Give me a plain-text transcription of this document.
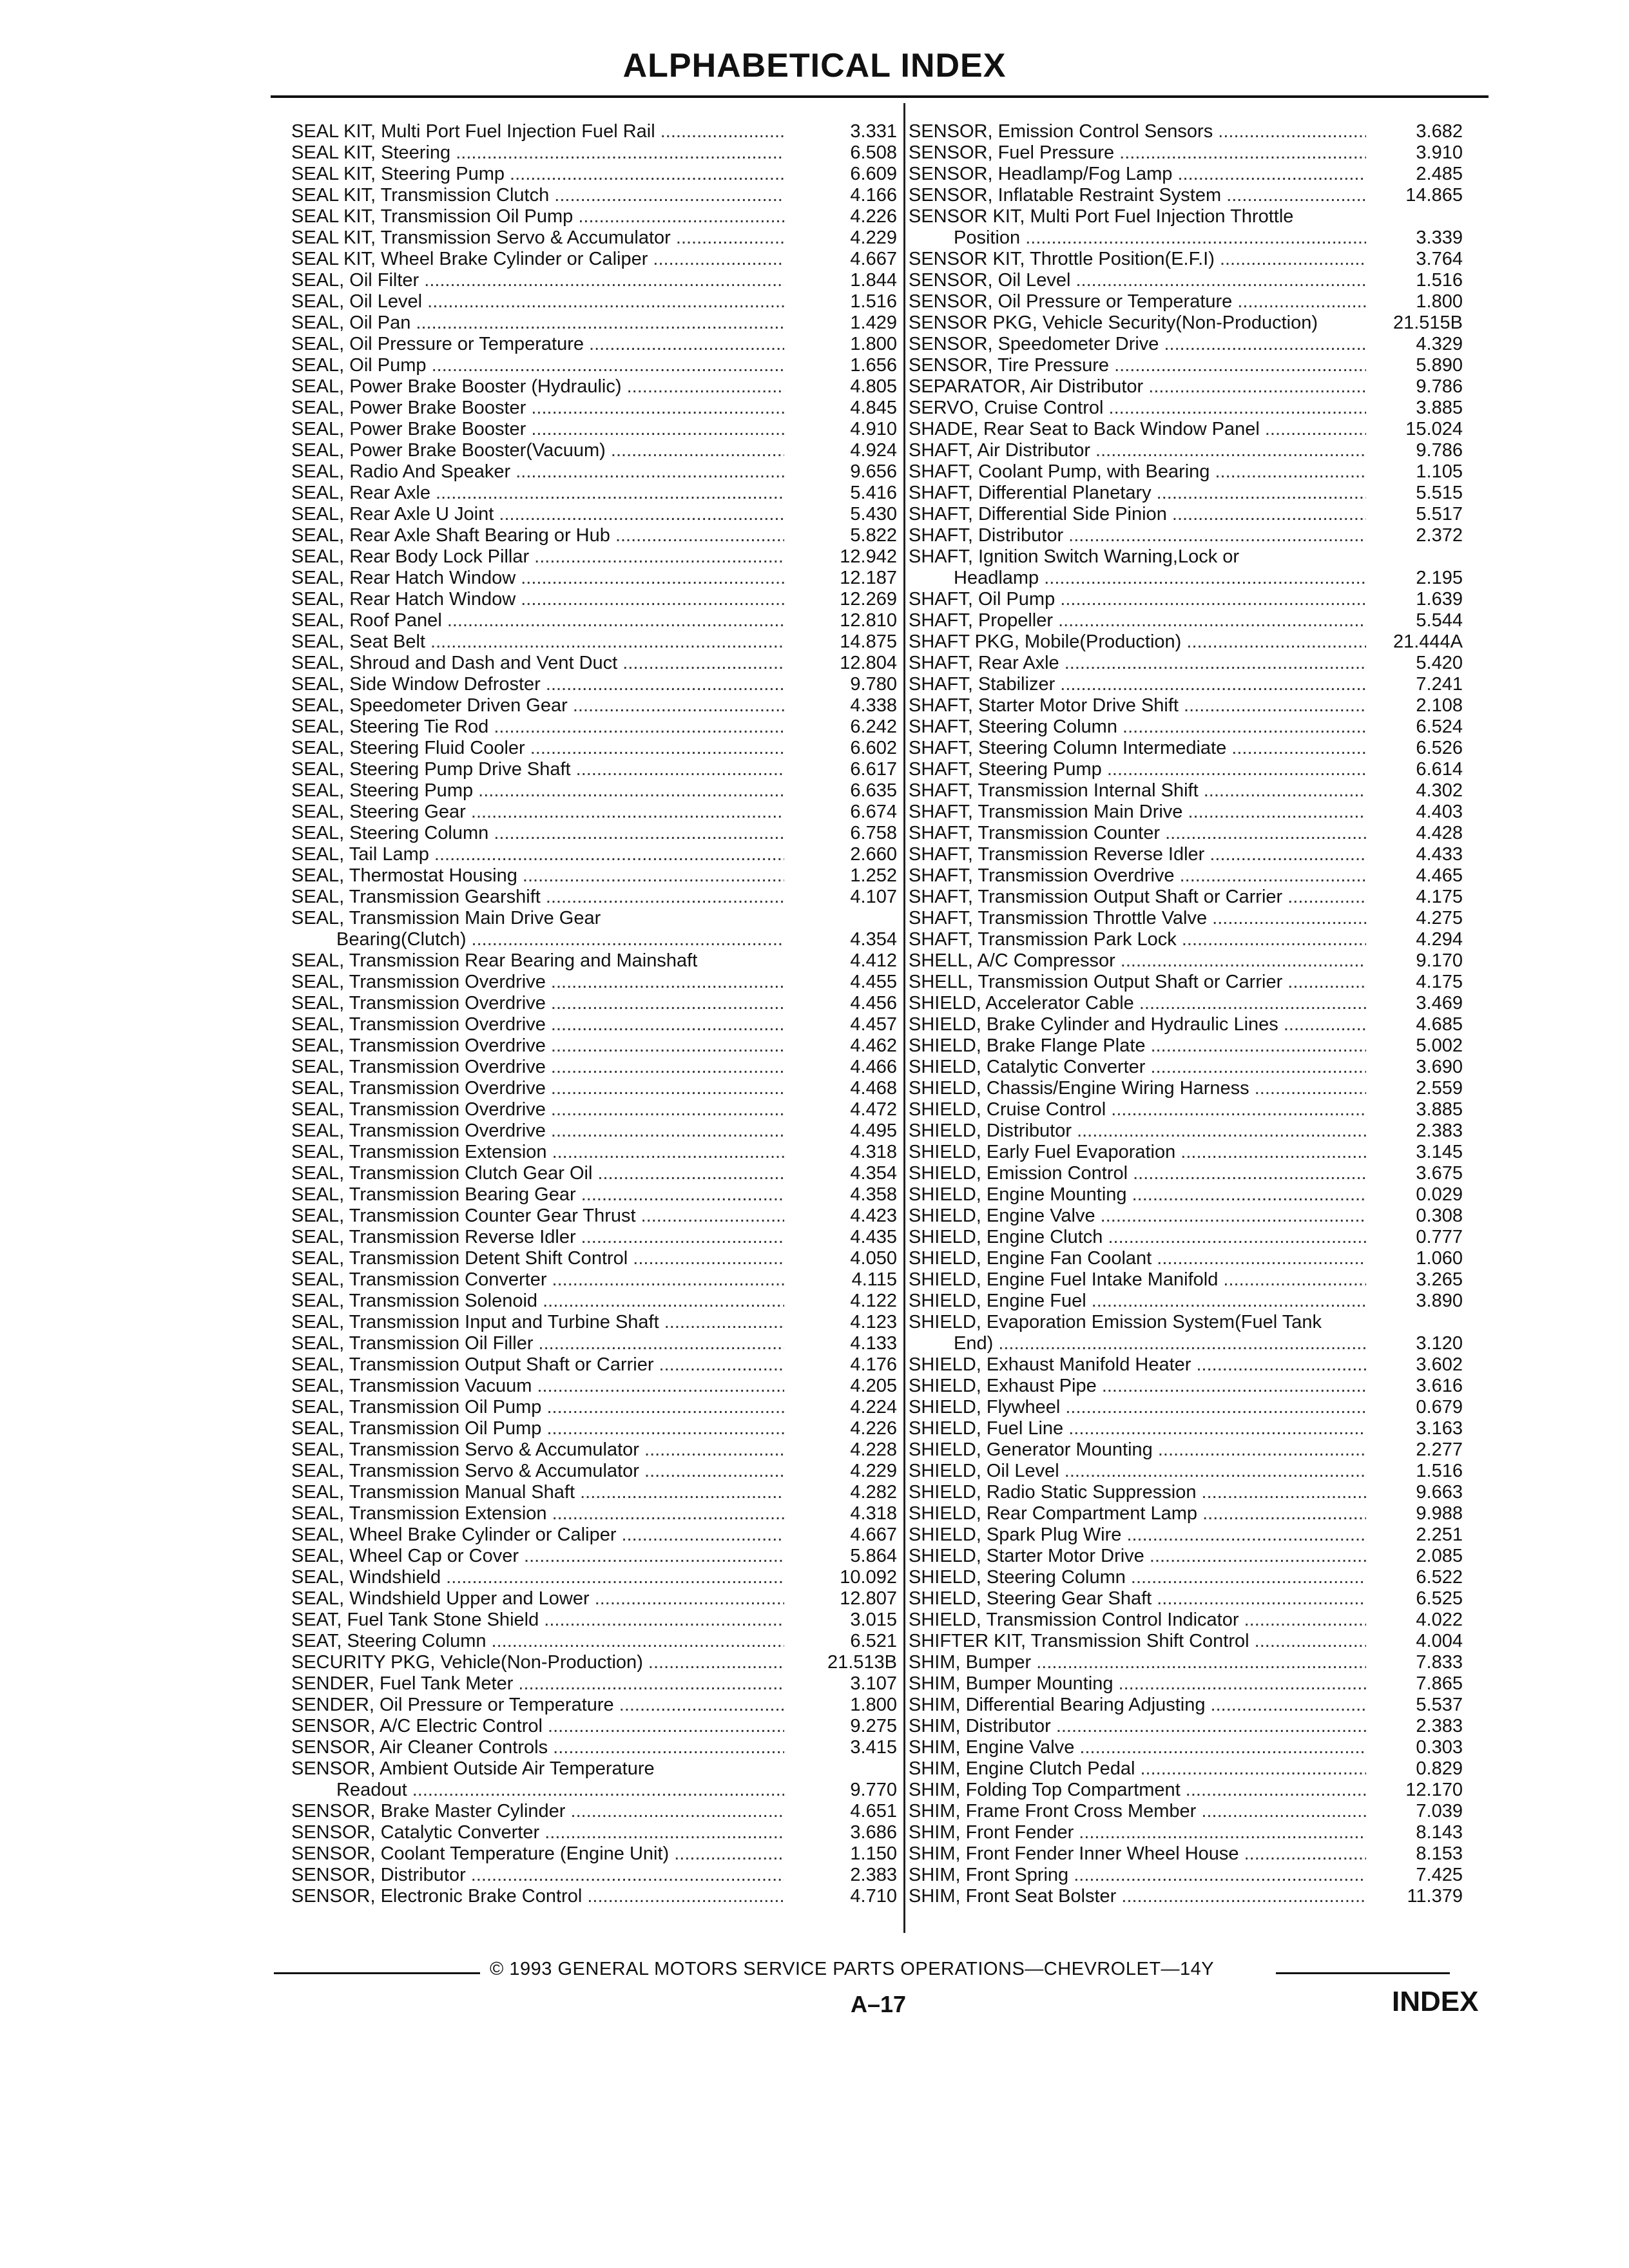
ALPHABETICAL INDEX
SEAL KIT, Multi Port Fuel Injection Fuel Rail .....	3.331
SEAL KIT, Steering .....	6.508
SEAL KIT, Steering Pump .....	6.609
SEAL KIT, Transmission Clutch .....	4.166
SEAL KIT, Transmission Oil Pump .....	4.226
SEAL KIT, Transmission Servo & Accumulator .....	4.229
SEAL KIT, Wheel Brake Cylinder or Caliper .....	4.667
SEAL, Oil Filter .....	1.844
SEAL, Oil Level .....	1.516
SEAL, Oil Pan .....	1.429
SEAL, Oil Pressure or Temperature .....	1.800
SEAL, Oil Pump .....	1.656
SEAL, Power Brake Booster (Hydraulic) .....	4.805
SEAL, Power Brake Booster .....	4.845
SEAL, Power Brake Booster .....	4.910
SEAL, Power Brake Booster(Vacuum) .....	4.924
SEAL, Radio And Speaker .....	9.656
SEAL, Rear Axle .....	5.416
SEAL, Rear Axle U Joint .....	5.430
SEAL, Rear Axle Shaft Bearing or Hub .....	5.822
SEAL, Rear Body Lock Pillar .....	12.942
SEAL, Rear Hatch Window .....	12.187
SEAL, Rear Hatch Window .....	12.269
SEAL, Roof Panel .....	12.810
SEAL, Seat Belt .....	14.875
SEAL, Shroud and Dash and Vent Duct .....	12.804
SEAL, Side Window Defroster .....	9.780
SEAL, Speedometer Driven Gear .....	4.338
SEAL, Steering Tie Rod .....	6.242
SEAL, Steering Fluid Cooler .....	6.602
SEAL, Steering Pump Drive Shaft .....	6.617
SEAL, Steering Pump .....	6.635
SEAL, Steering Gear .....	6.674
SEAL, Steering Column .....	6.758
SEAL, Tail Lamp .....	2.660
SEAL, Thermostat Housing .....	1.252
SEAL, Transmission Gearshift .....	4.107
SEAL, Transmission Main Drive Gear
Bearing(Clutch) .....	4.354
SEAL, Transmission Rear Bearing and Mainshaft	4.412
SEAL, Transmission Overdrive .....	4.455
SEAL, Transmission Overdrive .....	4.456
SEAL, Transmission Overdrive .....	4.457
SEAL, Transmission Overdrive .....	4.462
SEAL, Transmission Overdrive .....	4.466
SEAL, Transmission Overdrive .....	4.468
SEAL, Transmission Overdrive .....	4.472
SEAL, Transmission Overdrive .....	4.495
SEAL, Transmission Extension .....	4.318
SEAL, Transmission Clutch Gear Oil .....	4.354
SEAL, Transmission Bearing Gear .....	4.358
SEAL, Transmission Counter Gear Thrust .....	4.423
SEAL, Transmission Reverse Idler .....	4.435
SEAL, Transmission Detent Shift Control .....	4.050
SEAL, Transmission Converter .....	4.115
SEAL, Transmission Solenoid .....	4.122
SEAL, Transmission Input and Turbine Shaft .....	4.123
SEAL, Transmission Oil Filler .....	4.133
SEAL, Transmission Output Shaft or Carrier .....	4.176
SEAL, Transmission Vacuum .....	4.205
SEAL, Transmission Oil Pump .....	4.224
SEAL, Transmission Oil Pump .....	4.226
SEAL, Transmission Servo & Accumulator .....	4.228
SEAL, Transmission Servo & Accumulator .....	4.229
SEAL, Transmission Manual Shaft .....	4.282
SEAL, Transmission Extension .....	4.318
SEAL, Wheel Brake Cylinder or Caliper .....	4.667
SEAL, Wheel Cap or Cover .....	5.864
SEAL, Windshield .....	10.092
SEAL, Windshield Upper and Lower .....	12.807
SEAT, Fuel Tank Stone Shield .....	3.015
SEAT, Steering Column .....	6.521
SECURITY PKG, Vehicle(Non-Production) .....	21.513B
SENDER, Fuel Tank Meter .....	3.107
SENDER, Oil Pressure or Temperature .....	1.800
SENSOR, A/C Electric Control .....	9.275
SENSOR, Air Cleaner Controls .....	3.415
SENSOR, Ambient Outside Air Temperature
Readout .....	9.770
SENSOR, Brake Master Cylinder .....	4.651
SENSOR, Catalytic Converter .....	3.686
SENSOR, Coolant Temperature (Engine Unit) .....	1.150
SENSOR, Distributor .....	2.383
SENSOR, Electronic Brake Control .....	4.710
SENSOR, Emission Control Sensors .....	3.682
SENSOR, Fuel Pressure .....	3.910
SENSOR, Headlamp/Fog Lamp .....	2.485
SENSOR, Inflatable Restraint System .....	14.865
SENSOR KIT, Multi Port Fuel Injection Throttle
Position .....	3.339
SENSOR KIT, Throttle Position(E.F.I) .....	3.764
SENSOR, Oil Level .....	1.516
SENSOR, Oil Pressure or Temperature .....	1.800
SENSOR PKG, Vehicle Security(Non-Production)	21.515B
SENSOR, Speedometer Drive .....	4.329
SENSOR, Tire Pressure .....	5.890
SEPARATOR, Air Distributor .....	9.786
SERVO, Cruise Control .....	3.885
SHADE, Rear Seat to Back Window Panel .....	15.024
SHAFT, Air Distributor .....	9.786
SHAFT, Coolant Pump, with Bearing .....	1.105
SHAFT, Differential Planetary .....	5.515
SHAFT, Differential Side Pinion .....	5.517
SHAFT, Distributor .....	2.372
SHAFT, Ignition Switch Warning,Lock or
Headlamp .....	2.195
SHAFT, Oil Pump .....	1.639
SHAFT, Propeller .....	5.544
SHAFT PKG, Mobile(Production) .....	21.444A
SHAFT, Rear Axle .....	5.420
SHAFT, Stabilizer .....	7.241
SHAFT, Starter Motor Drive Shift .....	2.108
SHAFT, Steering Column .....	6.524
SHAFT, Steering Column Intermediate .....	6.526
SHAFT, Steering Pump .....	6.614
SHAFT, Transmission Internal Shift .....	4.302
SHAFT, Transmission Main Drive .....	4.403
SHAFT, Transmission Counter .....	4.428
SHAFT, Transmission Reverse Idler .....	4.433
SHAFT, Transmission Overdrive .....	4.465
SHAFT, Transmission Output Shaft or Carrier .....	4.175
SHAFT, Transmission Throttle Valve .....	4.275
SHAFT, Transmission Park Lock .....	4.294
SHELL, A/C Compressor .....	9.170
SHELL, Transmission Output Shaft or Carrier .....	4.175
SHIELD, Accelerator Cable .....	3.469
SHIELD, Brake Cylinder and Hydraulic Lines .....	4.685
SHIELD, Brake Flange Plate .....	5.002
SHIELD, Catalytic Converter .....	3.690
SHIELD, Chassis/Engine Wiring Harness .....	2.559
SHIELD, Cruise Control .....	3.885
SHIELD, Distributor .....	2.383
SHIELD, Early Fuel Evaporation .....	3.145
SHIELD, Emission Control .....	3.675
SHIELD, Engine Mounting .....	0.029
SHIELD, Engine Valve .....	0.308
SHIELD, Engine Clutch .....	0.777
SHIELD, Engine Fan Coolant .....	1.060
SHIELD, Engine Fuel Intake Manifold .....	3.265
SHIELD, Engine Fuel .....	3.890
SHIELD, Evaporation Emission System(Fuel Tank
End) .....	3.120
SHIELD, Exhaust Manifold Heater .....	3.602
SHIELD, Exhaust Pipe .....	3.616
SHIELD, Flywheel .....	0.679
SHIELD, Fuel Line .....	3.163
SHIELD, Generator Mounting .....	2.277
SHIELD, Oil Level .....	1.516
SHIELD, Radio Static Suppression .....	9.663
SHIELD, Rear Compartment Lamp .....	9.988
SHIELD, Spark Plug Wire .....	2.251
SHIELD, Starter Motor Drive .....	2.085
SHIELD, Steering Column .....	6.522
SHIELD, Steering Gear Shaft .....	6.525
SHIELD, Transmission Control Indicator .....	4.022
SHIFTER KIT, Transmission Shift Control .....	4.004
SHIM, Bumper .....	7.833
SHIM, Bumper Mounting .....	7.865
SHIM, Differential Bearing Adjusting .....	5.537
SHIM, Distributor .....	2.383
SHIM, Engine Valve .....	0.303
SHIM, Engine Clutch Pedal .....	0.829
SHIM, Folding Top Compartment .....	12.170
SHIM, Frame Front Cross Member .....	7.039
SHIM, Front Fender .....	8.143
SHIM, Front Fender Inner Wheel House .....	8.153
SHIM, Front Spring .....	7.425
SHIM, Front Seat Bolster .....	11.379
© 1993 GENERAL MOTORS SERVICE PARTS OPERATIONS—CHEVROLET—14Y
A–17	INDEX
